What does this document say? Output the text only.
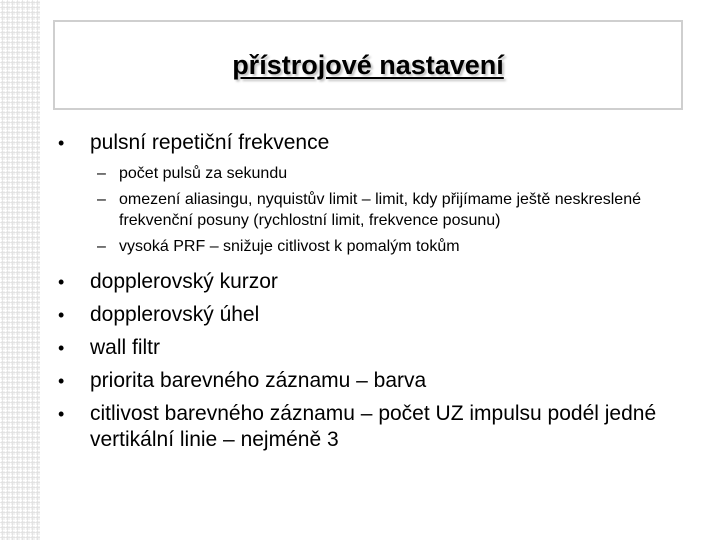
přístrojové nastavení
• pulsní repetiční frekvence
– počet pulsů za sekundu
– omezení aliasingu, nyquistův limit – limit, kdy přijímame ještě neskreslené frekvenční posuny (rychlostní limit, frekvence posunu)
– vysoká PRF – snižuje citlivost k pomalým tokům
• dopplerovský kurzor
• dopplerovský úhel
• wall filtr
• priorita barevného záznamu – barva
• citlivost barevného záznamu – počet UZ impulsu podél jedné vertikální linie – nejméně 3
